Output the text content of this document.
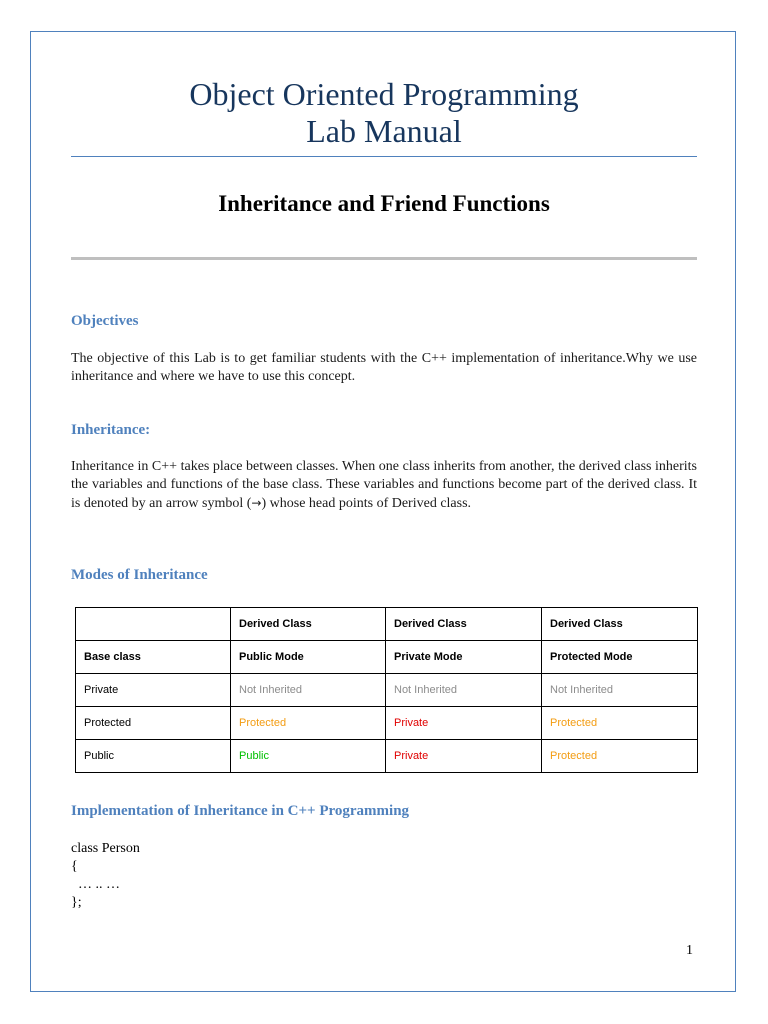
Object Oriented Programming
Lab Manual
Inheritance and Friend Functions
Objectives
The objective of this Lab is to get familiar students with the C++ implementation of inheritance.Why we use inheritance and where we have to use this concept.
Inheritance:
Inheritance in C++ takes place between classes. When one class inherits from another, the derived class inherits the variables and functions of the base class. These variables and functions become part of the derived class. It is denoted by an arrow symbol (→) whose head points of Derived class.
Modes of Inheritance
	Derived Class	Derived Class	Derived Class
Base class	Public Mode	Private Mode	Protected Mode
Private	Not Inherited	Not Inherited	Not Inherited
Protected	Protected	Private	Protected
Public	Public	Private	Protected
Implementation of Inheritance in C++ Programming
class Person
{
… .. …
};
1
